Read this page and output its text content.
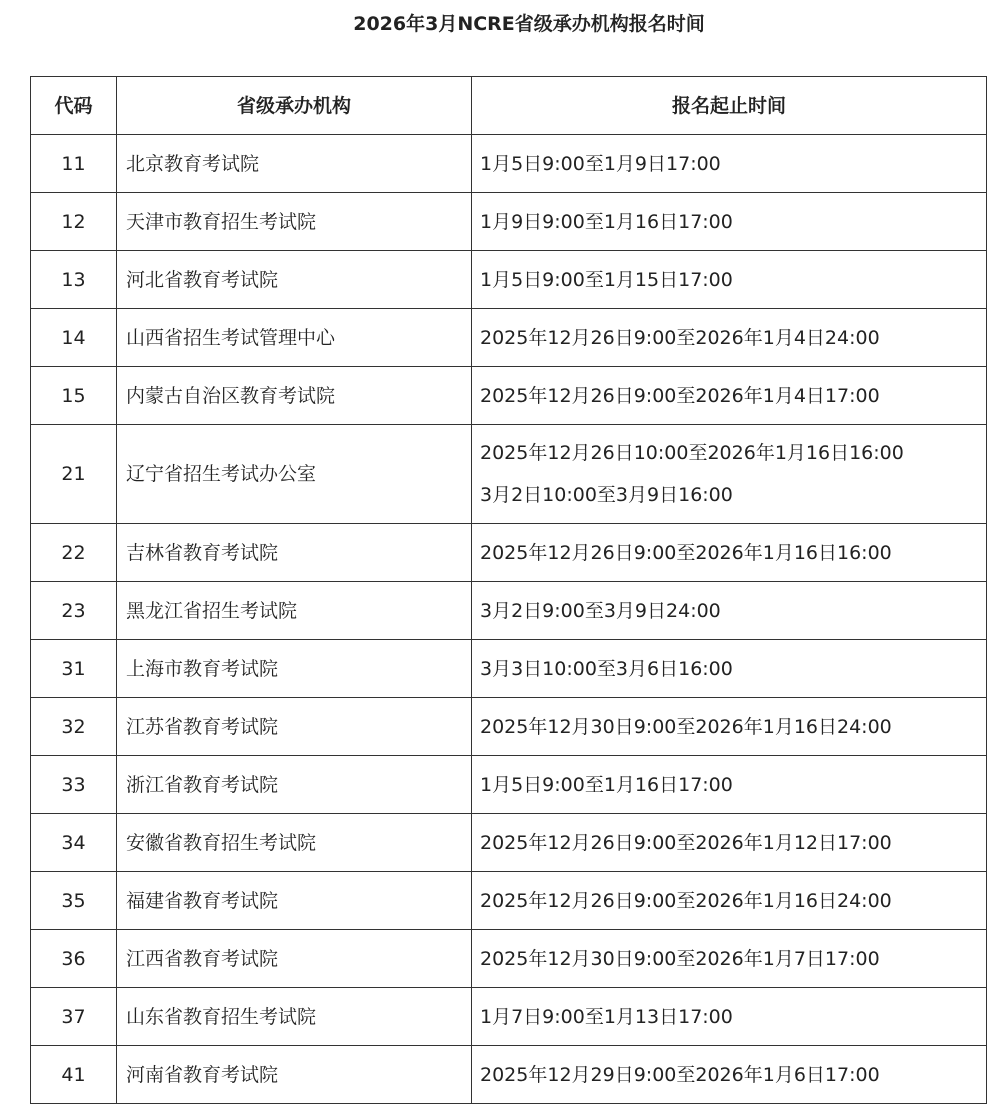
2026年3月NCRE省级承办机构报名时间
代码	省级承办机构	报名起止时间
11	北京教育考试院	1月5日9:00至1月9日17:00

12	天津市教育招生考试院	1月9日9:00至1月16日17:00

13	河北省教育考试院	1月5日9:00至1月15日17:00

14	山西省招生考试管理中心	2025年12月26日9:00至2026年1月4日24:00

15	内蒙古自治区教育考试院	2025年12月26日9:00至2026年1月4日17:00

21	辽宁省招生考试办公室	2025年12月26日10:00至2026年1月16日16:00
3月2日10:00至3月9日16:00

22	吉林省教育考试院	2025年12月26日9:00至2026年1月16日16:00

23	黑龙江省招生考试院	3月2日9:00至3月9日24:00

31	上海市教育考试院	3月3日10:00至3月6日16:00

32	江苏省教育考试院	2025年12月30日9:00至2026年1月16日24:00

33	浙江省教育考试院	1月5日9:00至1月16日17:00

34	安徽省教育招生考试院	2025年12月26日9:00至2026年1月12日17:00

35	福建省教育考试院	2025年12月26日9:00至2026年1月16日24:00

36	江西省教育考试院	2025年12月30日9:00至2026年1月7日17:00

37	山东省教育招生考试院	1月7日9:00至1月13日17:00

41	河南省教育考试院	2025年12月29日9:00至2026年1月6日17:00
